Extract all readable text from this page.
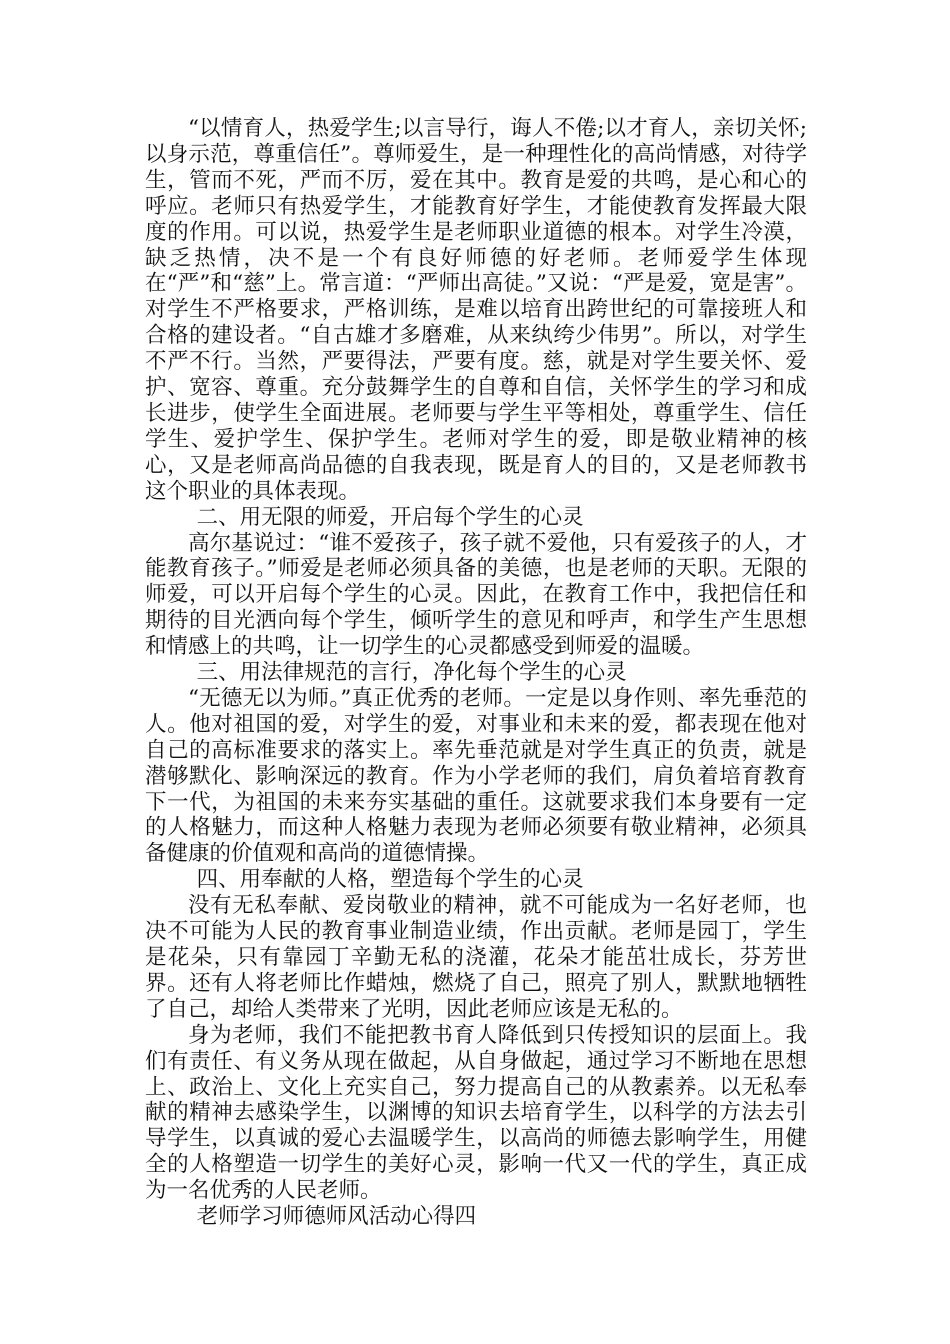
“以情育人，热爱学生;以言导行，诲人不倦;以才育人，亲切关怀;以身示范，尊重信任”。尊师爱生，是一种理性化的高尚情感，对待学生，管而不死，严而不厉，爱在其中。教育是爱的共鸣，是心和心的呼应。老师只有热爱学生，才能教育好学生，才能使教育发挥最大限度的作用。可以说，热爱学生是老师职业道德的根本。对学生冷漠，缺乏热情，决不是一个有良好师德的好老师。老师爱学生体现在“严”和“慈”上。常言道：“严师出高徒。”又说：“严是爱，宽是害”。对学生不严格要求，严格训练，是难以培育出跨世纪的可靠接班人和合格的建设者。“自古雄才多磨难，从来纨绔少伟男”。所以，对学生不严不行。当然，严要得法，严要有度。慈，就是对学生要关怀、爱护、宽容、尊重。充分鼓舞学生的自尊和自信，关怀学生的学习和成长进步，使学生全面进展。老师要与学生平等相处，尊重学生、信任学生、爱护学生、保护学生。老师对学生的爱，即是敬业精神的核心，又是老师高尚品德的自我表现，既是育人的目的，又是老师教书这个职业的具体表现。

二、用无限的师爱，开启每个学生的心灵

高尔基说过：“谁不爱孩子，孩子就不爱他，只有爱孩子的人，才能教育孩子。”师爱是老师必须具备的美德，也是老师的天职。无限的师爱，可以开启每个学生的心灵。因此，在教育工作中，我把信任和期待的目光洒向每个学生，倾听学生的意见和呼声，和学生产生思想和情感上的共鸣，让一切学生的心灵都感受到师爱的温暖。

三、用法律规范的言行，净化每个学生的心灵

“无德无以为师。”真正优秀的老师。一定是以身作则、率先垂范的人。他对祖国的爱，对学生的爱，对事业和未来的爱，都表现在他对自己的高标准要求的落实上。率先垂范就是对学生真正的负责，就是潜够默化、影响深远的教育。作为小学老师的我们，肩负着培育教育下一代，为祖国的未来夯实基础的重任。这就要求我们本身要有一定的人格魅力，而这种人格魅力表现为老师必须要有敬业精神，必须具备健康的价值观和高尚的道德情操。

四、用奉献的人格，塑造每个学生的心灵

没有无私奉献、爱岗敬业的精神，就不可能成为一名好老师，也决不可能为人民的教育事业制造业绩，作出贡献。老师是园丁，学生是花朵，只有靠园丁辛勤无私的浇灌，花朵才能茁壮成长，芬芳世界。还有人将老师比作蜡烛，燃烧了自己，照亮了别人，默默地牺牲了自己，却给人类带来了光明，因此老师应该是无私的。

身为老师，我们不能把教书育人降低到只传授知识的层面上。我们有责任、有义务从现在做起，从自身做起，通过学习不断地在思想上、政治上、文化上充实自己，努力提高自己的从教素养。以无私奉献的精神去感染学生，以渊博的知识去培育学生，以科学的方法去引导学生，以真诚的爱心去温暖学生，以高尚的师德去影响学生，用健全的人格塑造一切学生的美好心灵，影响一代又一代的学生，真正成为一名优秀的人民老师。

老师学习师德师风活动心得四
